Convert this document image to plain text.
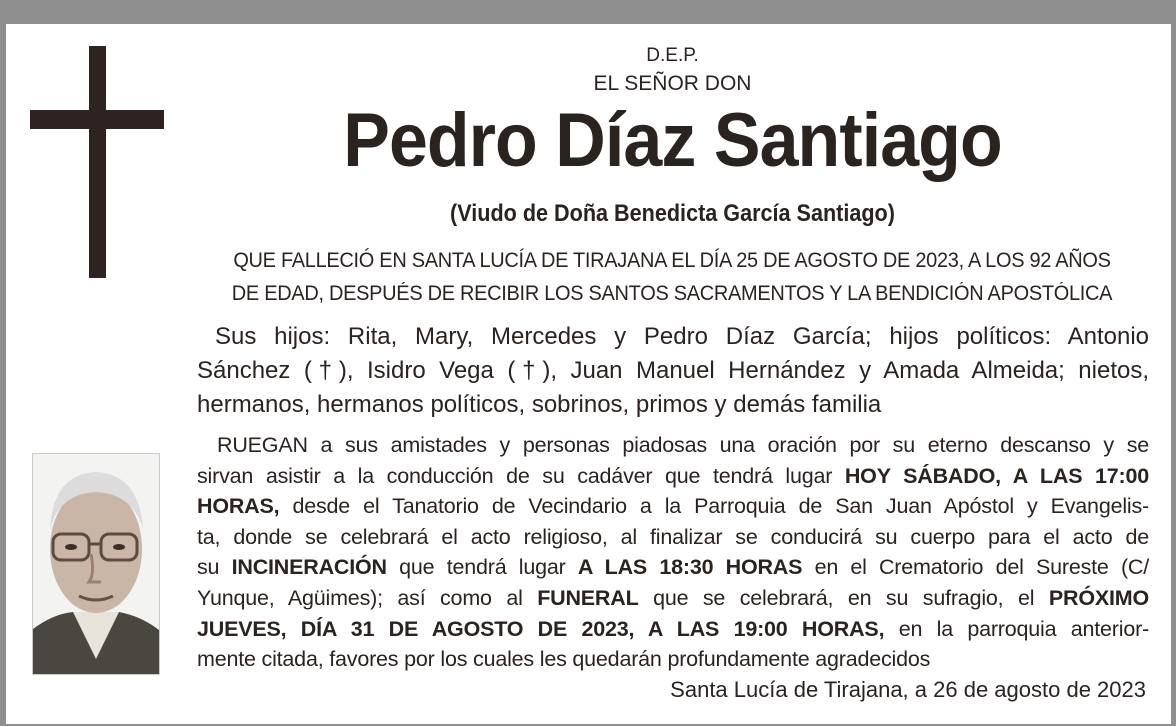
D.E.P.
EL SEÑOR DON
Pedro Díaz Santiago
(Viudo de Doña Benedicta García Santiago)
QUE FALLECIÓ EN SANTA LUCÍA DE TIRAJANA EL DÍA 25 DE AGOSTO DE 2023, A LOS 92 AÑOS
DE EDAD, DESPUÉS DE RECIBIR LOS SANTOS SACRAMENTOS Y LA BENDICIÓN APOSTÓLICA
Sus hijos: Rita, Mary, Mercedes y Pedro Díaz García; hijos políticos: Antonio
Sánchez (†), Isidro Vega (†), Juan Manuel Hernández y Amada Almeida; nietos,
hermanos, hermanos políticos, sobrinos, primos y demás familia
RUEGAN a sus amistades y personas piadosas una oración por su eterno descanso y se
sirvan asistir a la conducción de su cadáver que tendrá lugar HOY SÁBADO, A LAS 17:00
HORAS, desde el Tanatorio de Vecindario a la Parroquia de San Juan Apóstol y Evangelis-
ta, donde se celebrará el acto religioso, al finalizar se conducirá su cuerpo para el acto de
su INCINERACIÓN que tendrá lugar A LAS 18:30 HORAS en el Crematorio del Sureste (C/
Yunque, Agüimes); así como al FUNERAL que se celebrará, en su sufragio, el PRÓXIMO
JUEVES, DÍA 31 DE AGOSTO DE 2023, A LAS 19:00 HORAS, en la parroquia anterior-
mente citada, favores por los cuales les quedarán profundamente agradecidos
Santa Lucía de Tirajana, a 26 de agosto de 2023
